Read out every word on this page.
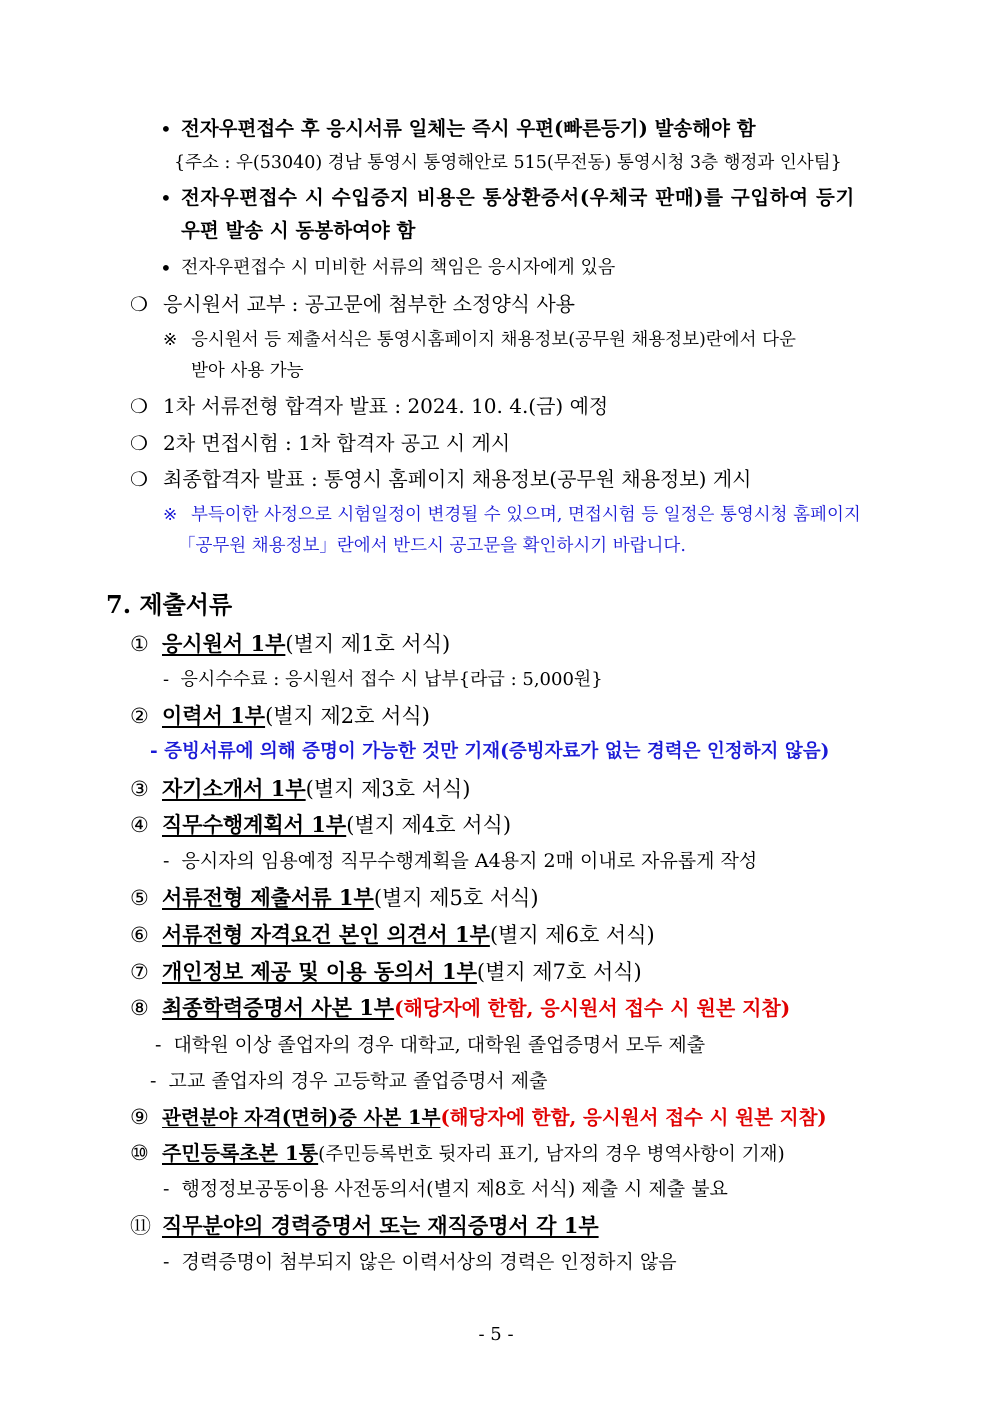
• 전자우편접수 후 응시서류 일체는 즉시 우편(빠른등기) 발송해야 함
{주소 : 우(53040) 경남 통영시 통영해안로 515(무전동) 통영시청 3층 행정과 인사팀}
• 전자우편접수 시 수입증지 비용은 통상환증서(우체국 판매)를 구입하여 등기
우편 발송 시 동봉하여야 함
• 전자우편접수 시 미비한 서류의 책임은 응시자에게 있음
❍ 응시원서 교부 : 공고문에 첨부한 소정양식 사용
※ 응시원서 등 제출서식은 통영시홈페이지 채용정보(공무원 채용정보)란에서 다운
받아 사용 가능
❍ 1차 서류전형 합격자 발표 : 2024. 10. 4.(금) 예정
❍ 2차 면접시험 : 1차 합격자 공고 시 게시
❍ 최종합격자 발표 : 통영시 홈페이지 채용정보(공무원 채용정보) 게시
※ 부득이한 사정으로 시험일정이 변경될 수 있으며, 면접시험 등 일정은 통영시청 홈페이지
「공무원 채용정보」란에서 반드시 공고문을 확인하시기 바랍니다.
7. 제출서류
① 응시원서 1부(별지 제1호 서식)
- 응시수수료 : 응시원서 접수 시 납부{라급 : 5,000원}
② 이력서 1부(별지 제2호 서식)
- 증빙서류에 의해 증명이 가능한 것만 기재(증빙자료가 없는 경력은 인정하지 않음)
③ 자기소개서 1부(별지 제3호 서식)
④ 직무수행계획서 1부(별지 제4호 서식)
- 응시자의 임용예정 직무수행계획을 A4용지 2매 이내로 자유롭게 작성
⑤ 서류전형 제출서류 1부(별지 제5호 서식)
⑥ 서류전형 자격요건 본인 의견서 1부(별지 제6호 서식)
⑦ 개인정보 제공 및 이용 동의서 1부(별지 제7호 서식)
⑧ 최종학력증명서 사본 1부(해당자에 한함, 응시원서 접수 시 원본 지참)
- 대학원 이상 졸업자의 경우 대학교, 대학원 졸업증명서 모두 제출
- 고교 졸업자의 경우 고등학교 졸업증명서 제출
⑨ 관련분야 자격(면허)증 사본 1부(해당자에 한함, 응시원서 접수 시 원본 지참)
⑩ 주민등록초본 1통(주민등록번호 뒷자리 표기, 남자의 경우 병역사항이 기재)
- 행정정보공동이용 사전동의서(별지 제8호 서식) 제출 시 제출 불요
⑪ 직무분야의 경력증명서 또는 재직증명서 각 1부
- 경력증명이 첨부되지 않은 이력서상의 경력은 인정하지 않음
- 5 -
